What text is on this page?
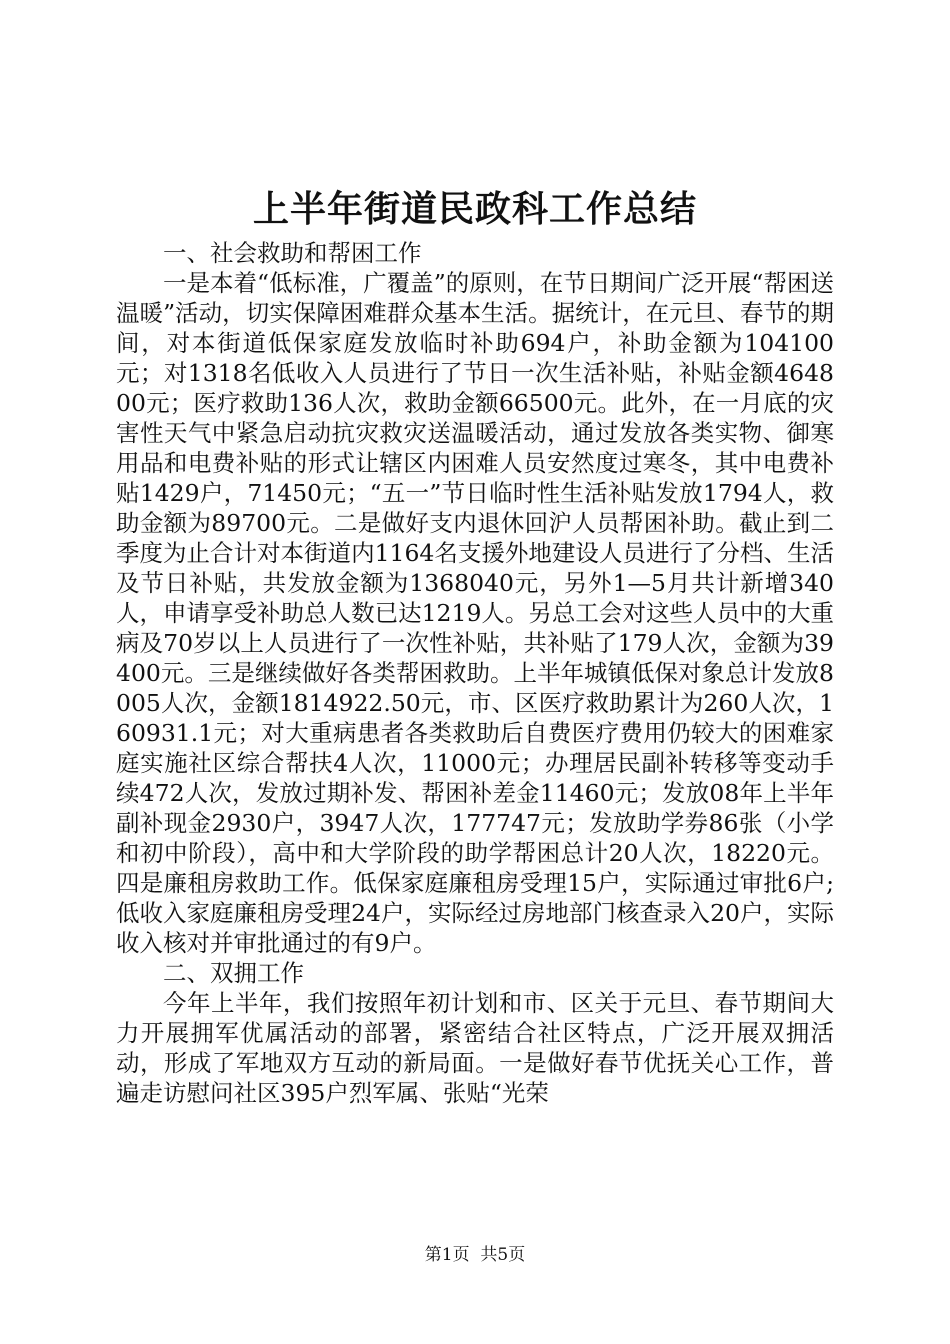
上半年街道民政科工作总结

一、社会救助和帮困工作

一是本着“低标准，广覆盖”的原则，在节日期间广泛开展“帮困送温暖”活动，切实保障困难群众基本生活。据统计，在元旦、春节的期间，对本街道低保家庭发放临时补助694户，补助金额为104100元；对1318名低收入人员进行了节日一次生活补贴，补贴金额464800元；医疗救助136人次，救助金额66500元。此外，在一月底的灾害性天气中紧急启动抗灾救灾送温暖活动，通过发放各类实物、御寒用品和电费补贴的形式让辖区内困难人员安然度过寒冬，其中电费补贴1429户，71450元；“五一”节日临时性生活补贴发放1794人，救助金额为89700元。二是做好支内退休回沪人员帮困补助。截止到二季度为止合计对本街道内1164名支援外地建设人员进行了分档、生活及节日补贴，共发放金额为1368040元，另外1—5月共计新增340人，申请享受补助总人数已达1219人。另总工会对这些人员中的大重病及70岁以上人员进行了一次性补贴，共补贴了179人次，金额为39400元。三是继续做好各类帮困救助。上半年城镇低保对象总计发放8005人次，金额1814922.50元，市、区医疗救助累计为260人次，160931.1元；对大重病患者各类救助后自费医疗费用仍较大的困难家庭实施社区综合帮扶4人次，11000元；办理居民副补转移等变动手续472人次，发放过期补发、帮困补差金11460元；发放08年上半年副补现金2930户，3947人次，177747元；发放助学券86张（小学和初中阶段），高中和大学阶段的助学帮困总计20人次，18220元。四是廉租房救助工作。低保家庭廉租房受理15户，实际通过审批6户;低收入家庭廉租房受理24户，实际经过房地部门核查录入20户，实际收入核对并审批通过的有9户。

二、双拥工作

今年上半年，我们按照年初计划和市、区关于元旦、春节期间大力开展拥军优属活动的部署，紧密结合社区特点，广泛开展双拥活动，形成了军地双方互动的新局面。一是做好春节优抚关心工作，普遍走访慰问社区395户烈军属、张贴“光荣

第1页  共5页
